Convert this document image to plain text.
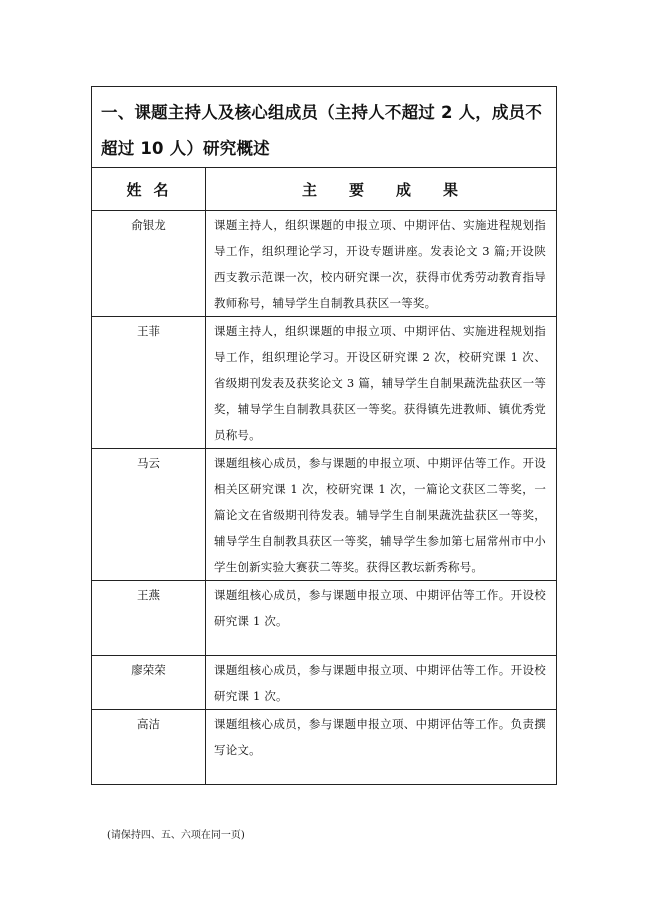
一、课题主持人及核心组成员（主持人不超过 2 人，成员不超过 10 人）研究概述	

姓名	主要成果
俞银龙	课题主持人，组织课题的申报立项、中期评估、实施进程规划指导工作，组织理论学习，开设专题讲座。发表论文 3 篇;开设陕西支教示范课一次，校内研究课一次，获得市优秀劳动教育指导教师称号，辅导学生自制教具获区一等奖。
王菲	课题主持人，组织课题的申报立项、中期评估、实施进程规划指导工作，组织理论学习。开设区研究课 2 次，校研究课 1 次、省级期刊发表及获奖论文 3 篇，辅导学生自制果蔬洗盐获区一等奖，辅导学生自制教具获区一等奖。获得镇先进教师、镇优秀党员称号。
马云	课题组核心成员，参与课题的申报立项、中期评估等工作。开设相关区研究课 1 次，校研究课 1 次，一篇论文获区二等奖，一篇论文在省级期刊待发表。辅导学生自制果蔬洗盐获区一等奖，辅导学生自制教具获区一等奖，辅导学生参加第七届常州市中小学生创新实验大赛获二等奖。获得区教坛新秀称号。
王燕	课题组核心成员，参与课题申报立项、中期评估等工作。开设校研究课 1 次。
廖荣荣	课题组核心成员，参与课题申报立项、中期评估等工作。开设校研究课 1 次。
高洁	课题组核心成员，参与课题申报立项、中期评估等工作。负责撰写论文。
(请保持四、五、六项在同一页)
